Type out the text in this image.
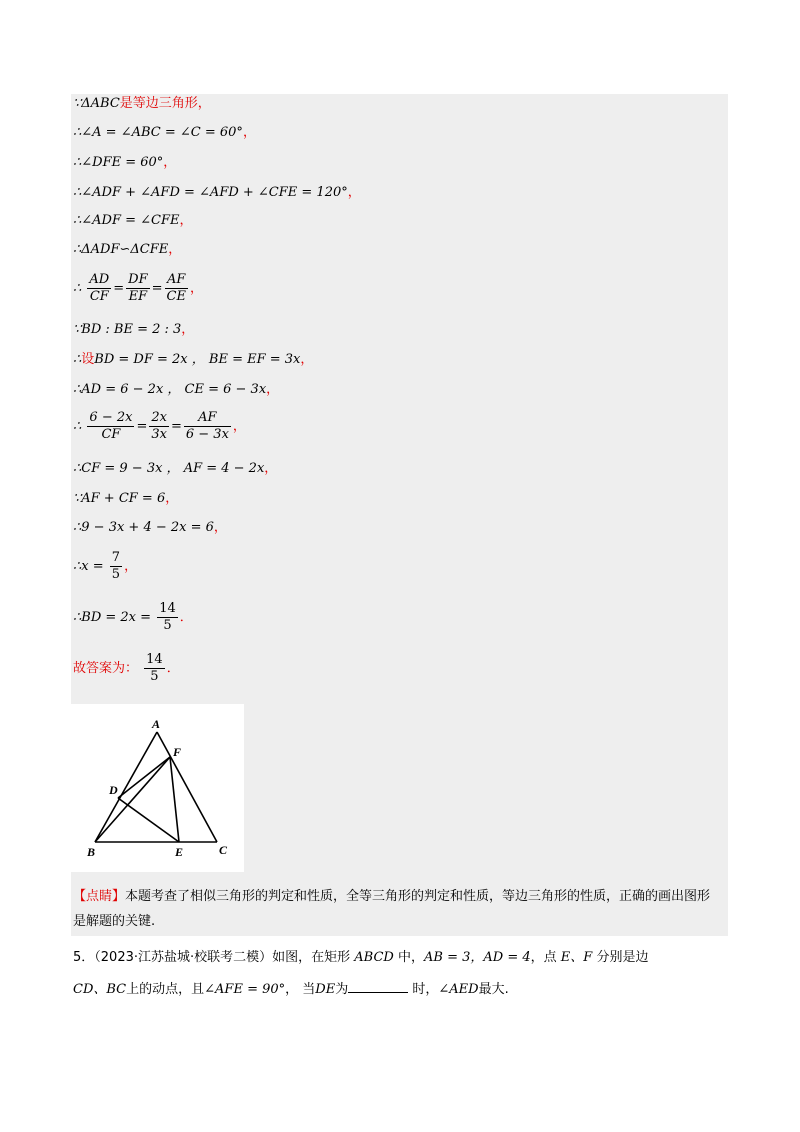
∵ΔABC是等边三角形，
∴∠A = ∠ABC = ∠C = 60°，
∴∠DFE = 60°，
∴∠ADF + ∠AFD = ∠AFD + ∠CFE = 120°，
∴∠ADF = ∠CFE，
∴ΔADF∽ΔCFE，
∴ $\frac{AD}{CF} = \frac{DF}{EF} = \frac{AF}{CE}$ ，
∵BD : BE = 2 : 3，
∴设BD = DF = 2x ， BE = EF = 3x，
∴AD = 6 − 2x ， CE = 6 − 3x，
∴ $\frac{6 - 2x}{CF} = \frac{2x}{3x} = \frac{AF}{6 - 3x}$ ，
∴CF = 9 − 3x ， AF = 4 − 2x，
∵AF + CF = 6，
∴9 − 3x + 4 − 2x = 6，
∴x = $\frac{7}{5}$ ，
∴BD = $2x = \frac{14}{5}$ ．
故答案为： $\frac{14}{5}$ ．
A
F
D
B	E	C
【点睛】本题考查了相似三角形的判定和性质，全等三角形的判定和性质，等边三角形的性质，正确的画出图形是解题的关键.
5．（2023·江苏盐城·校联考二模）如图，在矩形 ABCD 中，AB = 3，AD = 4，点 E、F 分别是边
CD、BC上的动点，且∠AFE = 90°， 当DE为	时，∠AED最大.
